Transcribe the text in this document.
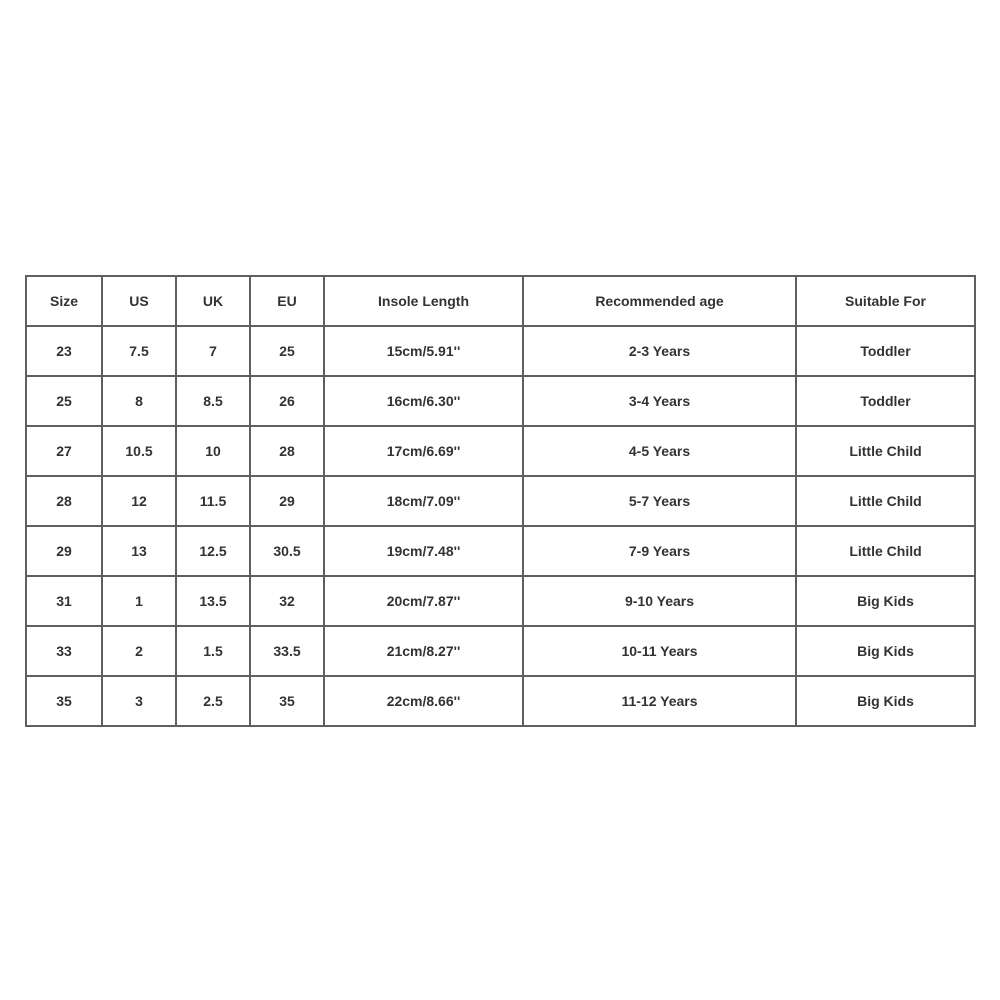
Size	US	UK	EU	Insole Length	Recommended age	Suitable For
23	7.5	7	25	15cm/5.91''	2-3 Years	Toddler
25	8	8.5	26	16cm/6.30''	3-4 Years	Toddler
27	10.5	10	28	17cm/6.69''	4-5 Years	Little Child
28	12	11.5	29	18cm/7.09''	5-7 Years	Little Child
29	13	12.5	30.5	19cm/7.48''	7-9 Years	Little Child
31	1	13.5	32	20cm/7.87''	9-10 Years	Big Kids
33	2	1.5	33.5	21cm/8.27''	10-11 Years	Big Kids
35	3	2.5	35	22cm/8.66''	11-12 Years	Big Kids
